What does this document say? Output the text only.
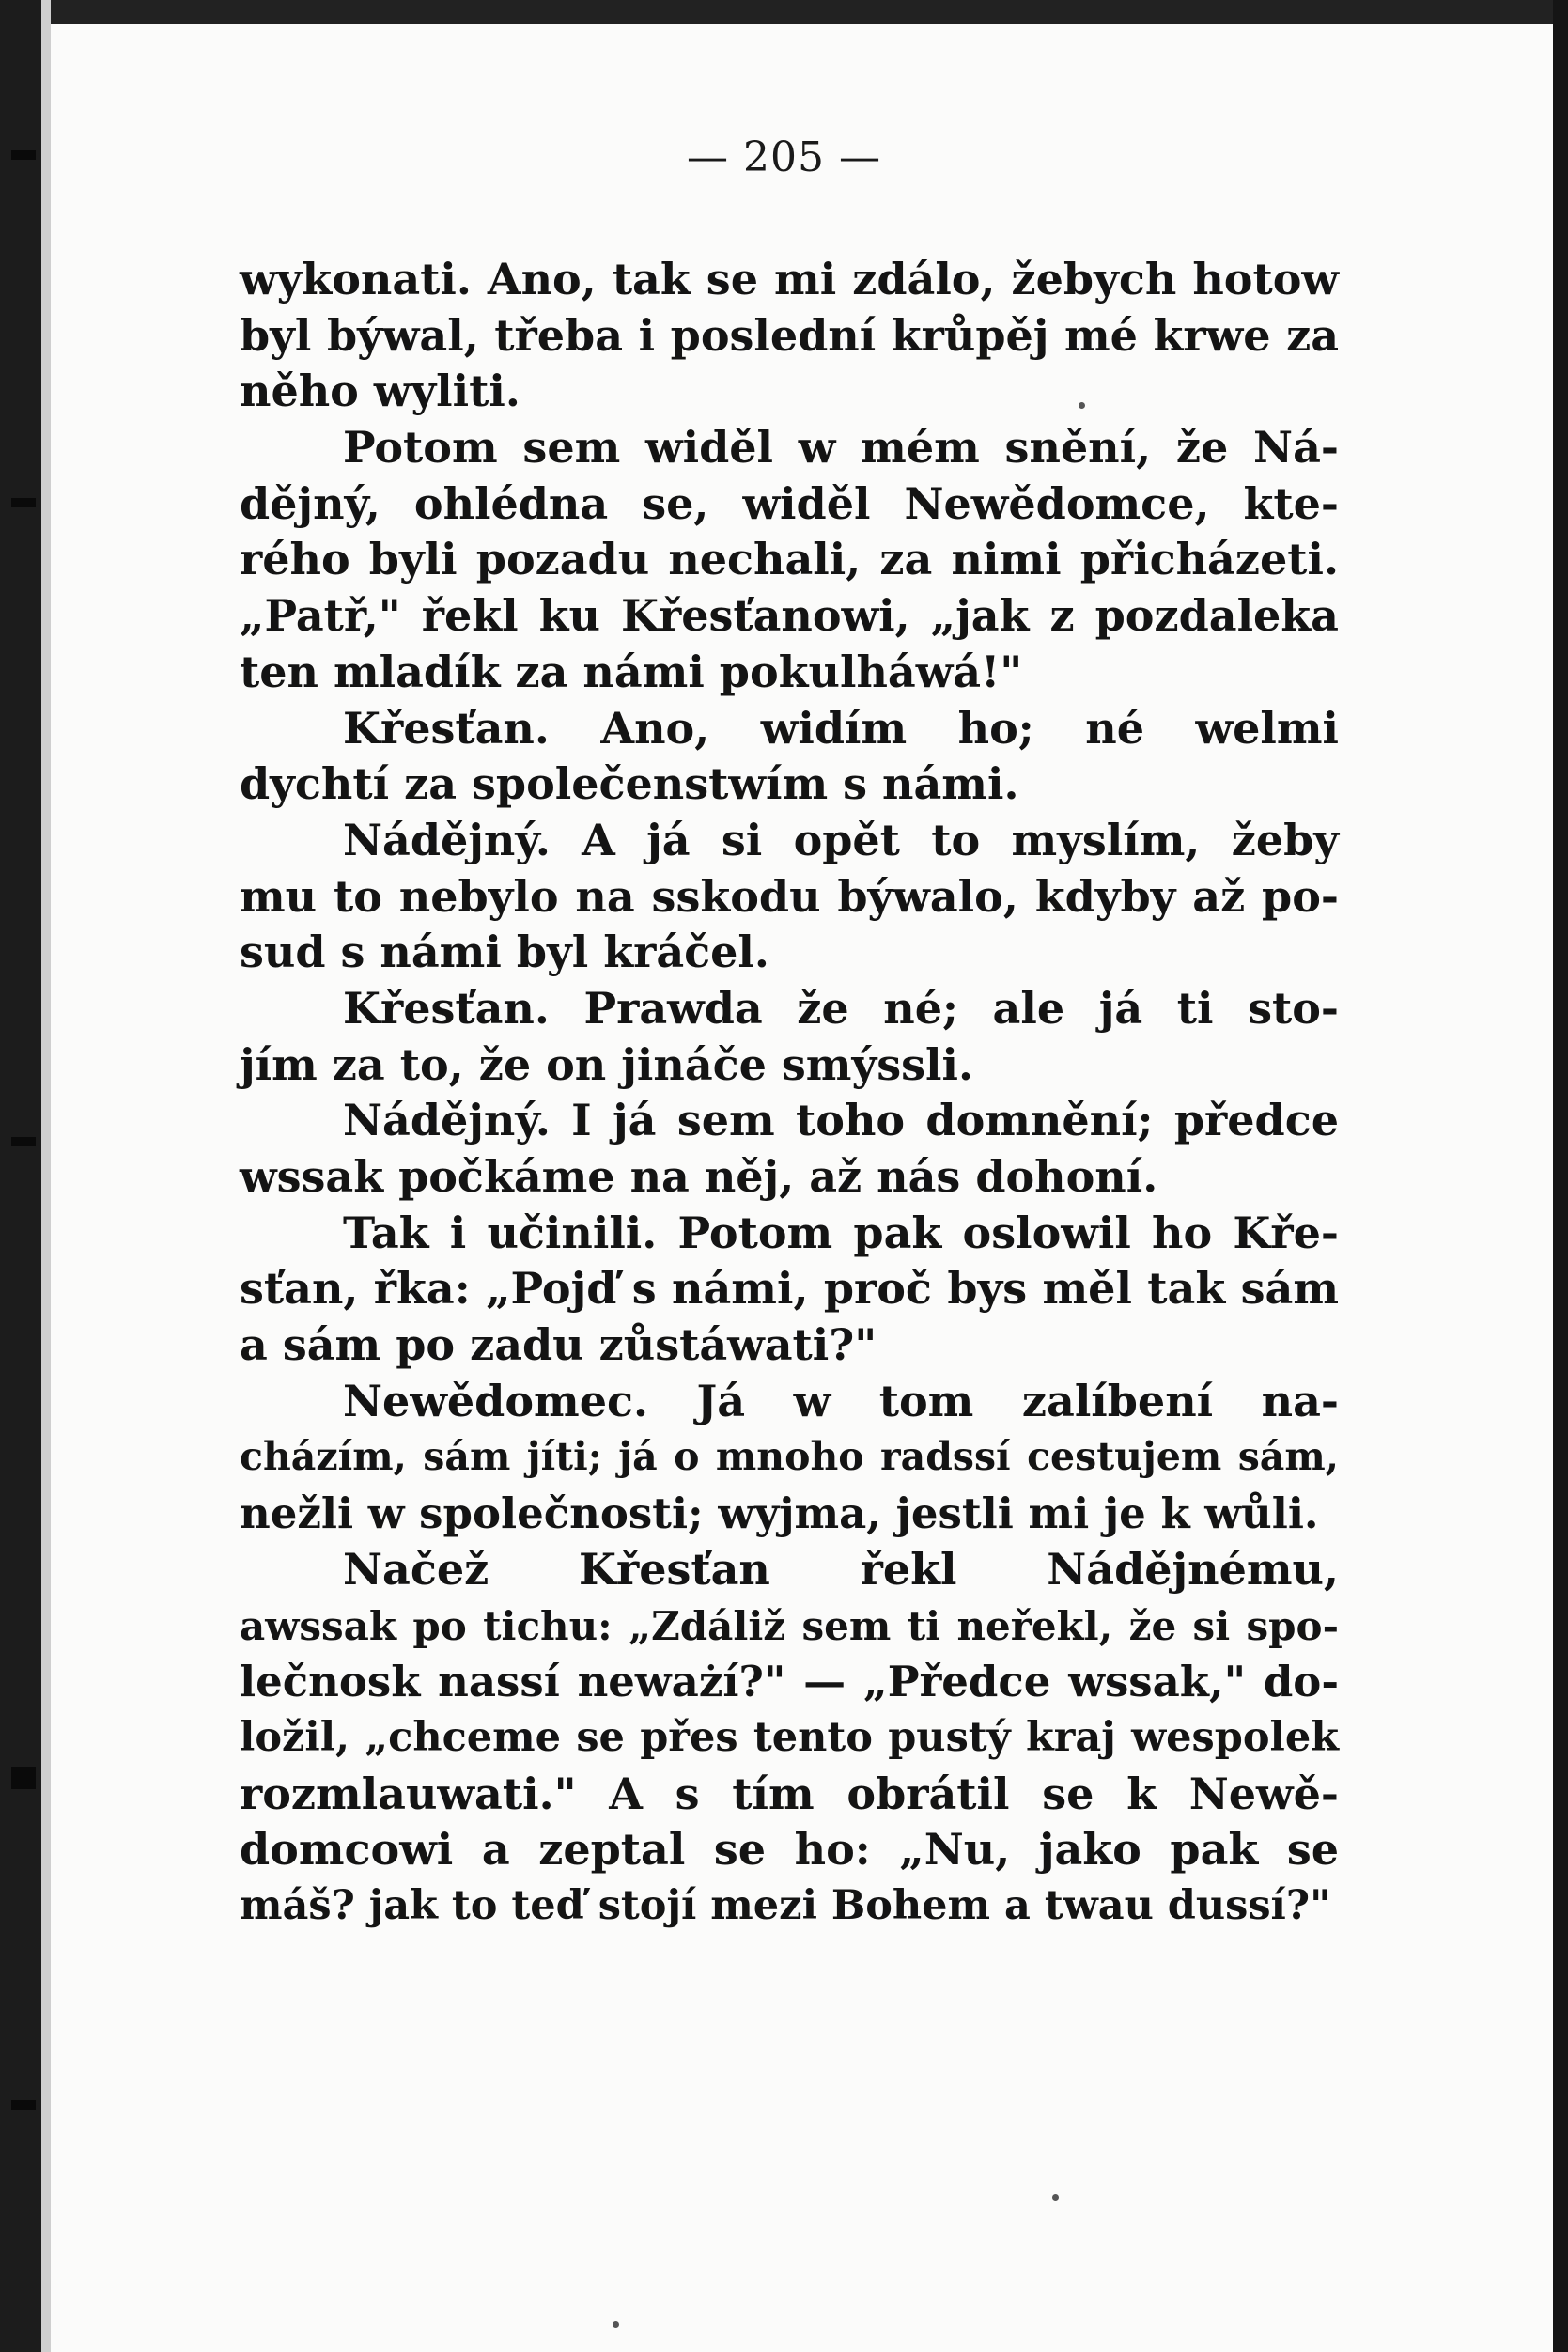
— 205 —
wykonati. Ano, tak se mi zdálo, žebych hotow
byl býwal, třeba i poslední krůpěj mé krwe za
něho wyliti.
Potom sem widěl w mém snění, že Ná-
dějný, ohlédna se, widěl Newědomce, kte-
rého byli pozadu nechali, za nimi přicházeti.
„Patř," řekl ku Křesťanowi, „jak z pozdaleka
ten mladík za námi pokulháwá!"
Křesťan. Ano, widím ho; né welmi
dychtí za společenstwím s námi.
Nádějný. A já si opět to myslím, žeby
mu to nebylo na sskodu býwalo, kdyby až po-
sud s námi byl kráčel.
Křesťan. Prawda že né; ale já ti sto-
jím za to, že on jináče smýssli.
Nádějný. I já sem toho domnění; předce
wssak počkáme na něj, až nás dohoní.
Tak i učinili. Potom pak oslowil ho Kře-
sťan, řka: „Pojď s námi, proč bys měl tak sám
a sám po zadu zůstáwati?"
Newědomec. Já w tom zalíbení na-
cházím, sám jíti; já o mnoho radssí cestujem sám,
nežli w společnosti; wyjma, jestli mi je k wůli.
Načež Křesťan řekl Nádějnému,
awssak po tichu: „Zdáliž sem ti neřekl, že si spo-
lečnosk nassí neważí?" — „Předce wssak," do-
ložil, „chceme se přes tento pustý kraj wespolek
rozmlauwati." A s tím obrátil se k Newě-
domcowi a zeptal se ho: „Nu, jako pak se
máš? jak to teď stojí mezi Bohem a twau dussí?"
